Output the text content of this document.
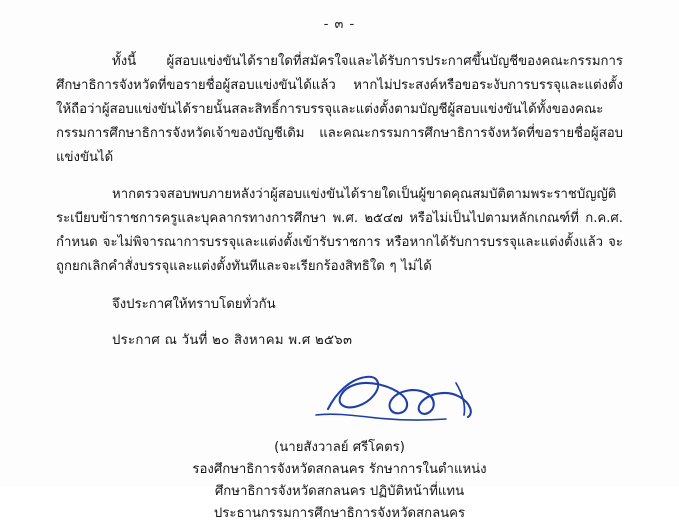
- ๓ -

ทั้งนี้ ผู้สอบแข่งขันได้รายใดที่สมัครใจและได้รับการประกาศขึ้นบัญชีของคณะกรรมการศึกษาธิการจังหวัดที่ขอรายชื่อผู้สอบแข่งขันได้แล้ว หากไม่ประสงค์หรือขอระงับการบรรจุและแต่งตั้ง ให้ถือว่าผู้สอบแข่งขันได้รายนั้นสละสิทธิ์การบรรจุและแต่งตั้งตามบัญชีผู้สอบแข่งขันได้ทั้งของคณะกรรมการศึกษาธิการจังหวัดเจ้าของบัญชีเดิม และคณะกรรมการศึกษาธิการจังหวัดที่ขอรายชื่อผู้สอบแข่งขันได้

หากตรวจสอบพบภายหลังว่าผู้สอบแข่งขันได้รายใดเป็นผู้ขาดคุณสมบัติตามพระราชบัญญัติระเบียบข้าราชการครูและบุคลากรทางการศึกษา พ.ศ. ๒๕๔๗ หรือไม่เป็นไปตามหลักเกณฑ์ที่ ก.ค.ศ. กำหนด จะไม่พิจารณาการบรรจุและแต่งตั้งเข้ารับราชการ หรือหากได้รับการบรรจุและแต่งตั้งแล้ว จะถูกยกเลิกคำสั่งบรรจุและแต่งตั้งทันทีและจะเรียกร้องสิทธิใด ๆ ไม่ได้

จึงประกาศให้ทราบโดยทั่วกัน
ประกาศ ณ วันที่ ๒๐ สิงหาคม พ.ศ ๒๕๖๓
(นายสังวาลย์ ศรีโคตร)
รองศึกษาธิการจังหวัดสกลนคร รักษาการในตำแหน่ง
ศึกษาธิการจังหวัดสกลนคร ปฏิบัติหน้าที่แทน
ประธานกรรมการศึกษาธิการจังหวัดสกลนคร
